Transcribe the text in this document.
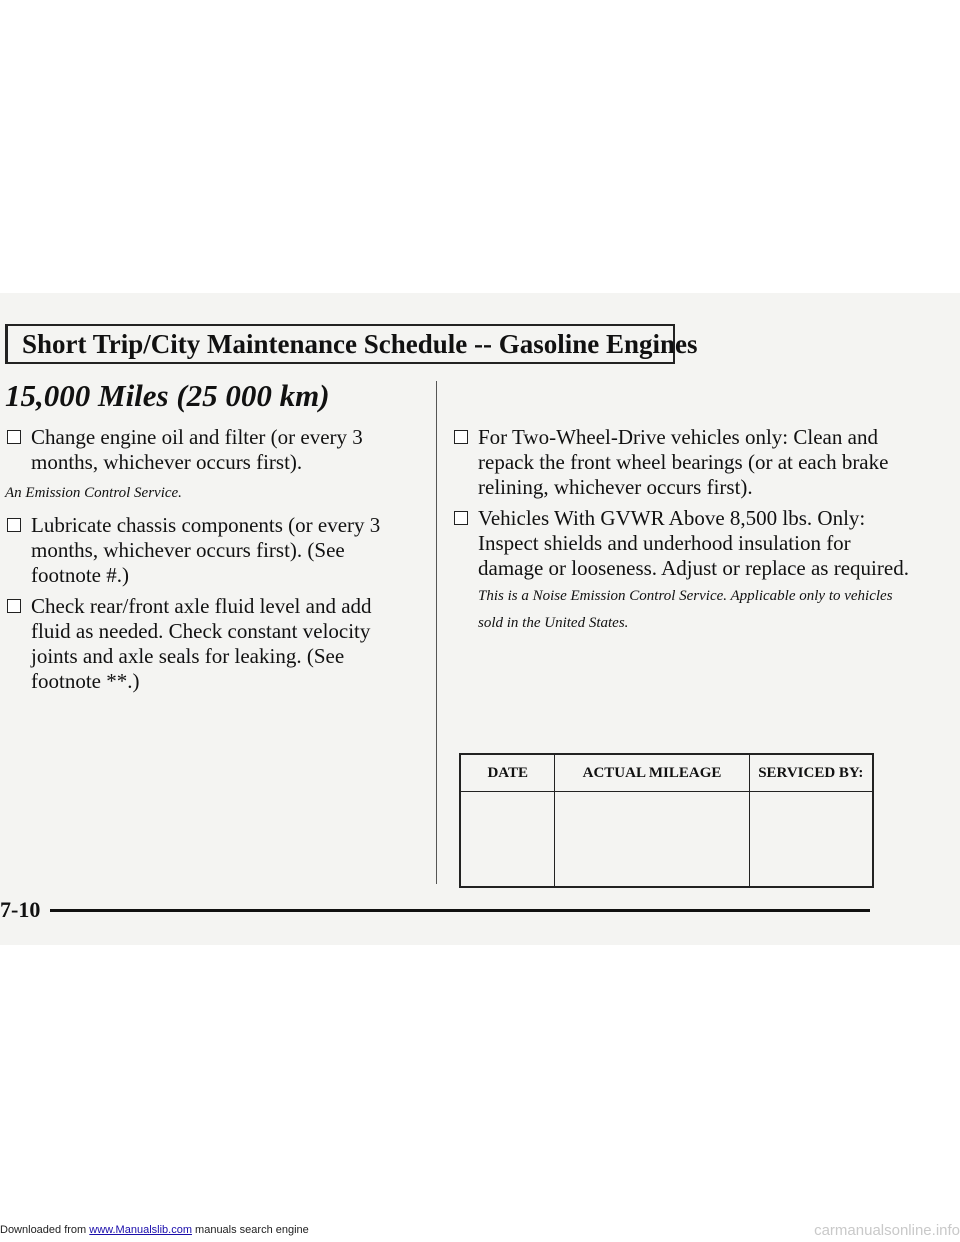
Short Trip/City Maintenance Schedule -- Gasoline Engines
15,000 Miles (25 000 km)
Change engine oil and filter (or every 3 months, whichever occurs first).
An Emission Control Service.
Lubricate chassis components (or every 3 months, whichever occurs first). (See footnote #.)
Check rear/front axle fluid level and add fluid as needed. Check constant velocity joints and axle seals for leaking. (See footnote **.)
For Two-Wheel-Drive vehicles only: Clean and repack the front wheel bearings (or at each brake relining, whichever occurs first).
Vehicles With GVWR Above 8,500 lbs. Only: Inspect shields and underhood insulation for damage or looseness. Adjust or replace as required. This is a Noise Emission Control Service. Applicable only to vehicles sold in the United States.
DATE	ACTUAL MILEAGE	SERVICED BY:

7-10
Downloaded from www.Manualslib.com manuals search engine	carmanualsonline.info
